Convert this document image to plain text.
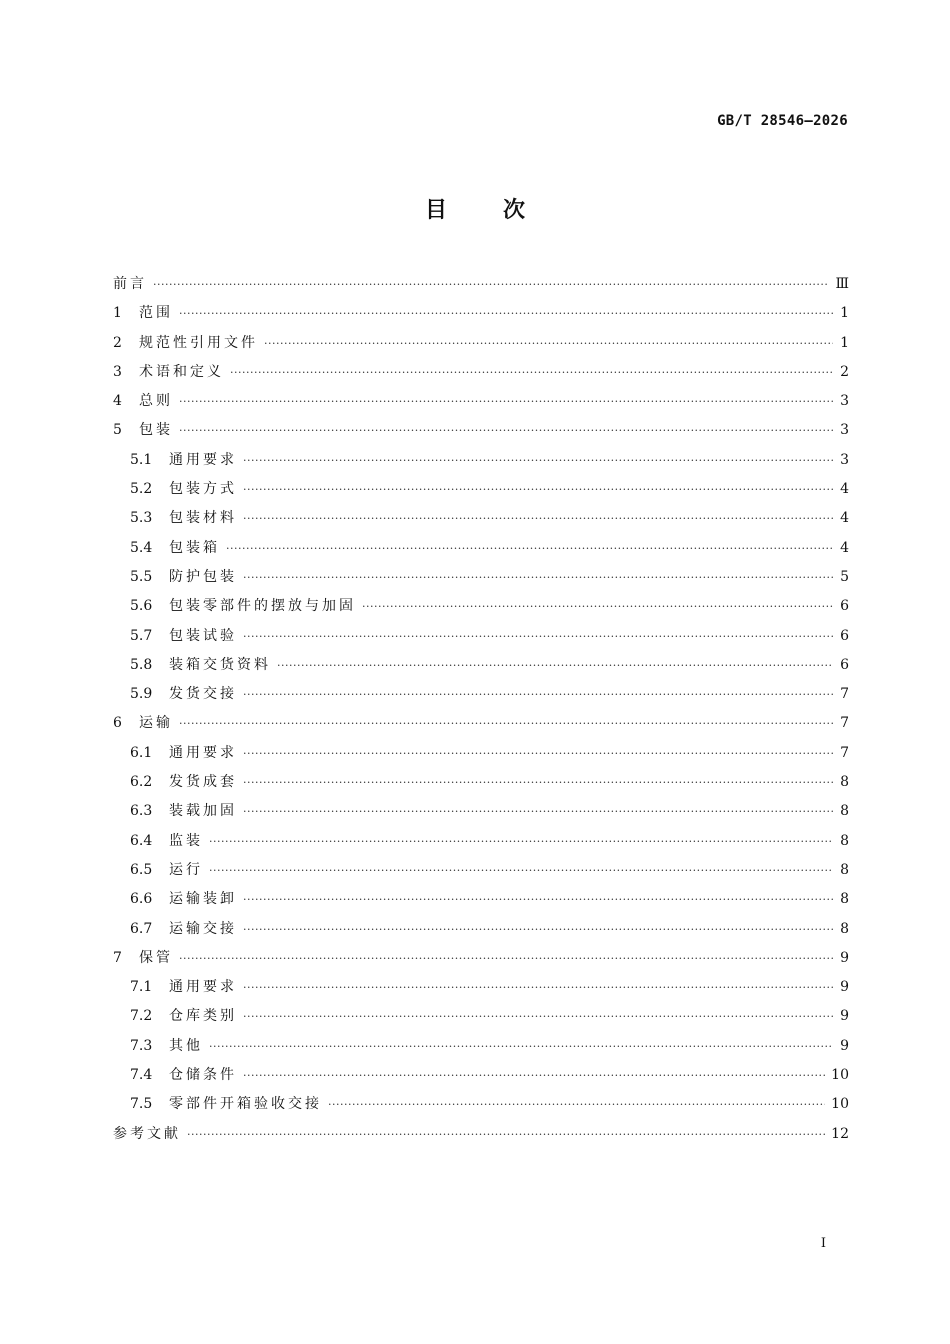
GB/T 28546—2026
目次
前言 ·····	Ⅲ
1	范围 ·····	1
2	规范性引用文件 ·····	1
3	术语和定义 ·····	2
4	总则 ·····	3
5	包装 ·····	3
5.1	通用要求 ·····	3
5.2	包装方式 ·····	4
5.3	包装材料 ·····	4
5.4	包装箱 ·····	4
5.5	防护包装 ·····	5
5.6	包装零部件的摆放与加固 ·····	6
5.7	包装试验 ·····	6
5.8	装箱交货资料 ·····	6
5.9	发货交接 ·····	7
6	运输 ·····	7
6.1	通用要求 ·····	7
6.2	发货成套 ·····	8
6.3	装载加固 ·····	8
6.4	监装 ·····	8
6.5	运行 ·····	8
6.6	运输装卸 ·····	8
6.7	运输交接 ·····	8
7	保管 ·····	9
7.1	通用要求 ·····	9
7.2	仓库类别 ·····	9
7.3	其他 ·····	9
7.4	仓储条件 ·····	10
7.5	零部件开箱验收交接 ·····	10
参考文献 ·····	12
I
